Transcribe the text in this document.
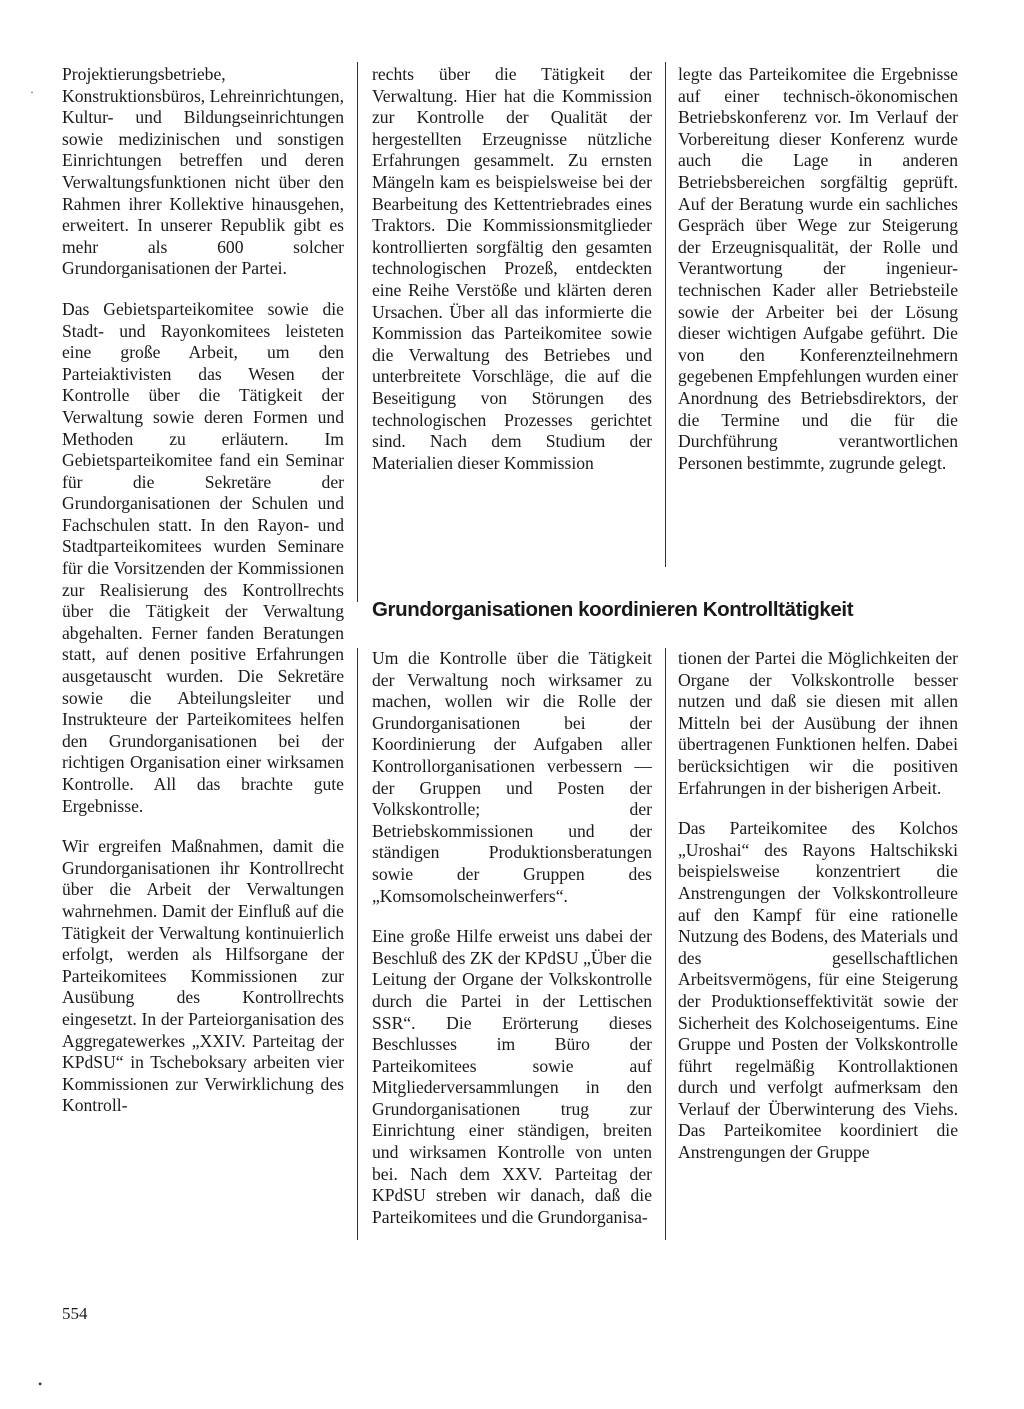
Projektierungsbetriebe, Konstruktionsbüros, Lehreinrichtungen, Kultur- und Bildungseinrichtungen sowie medizinischen und sonstigen Einrichtungen betreffen und deren Verwaltungsfunktionen nicht über den Rahmen ihrer Kollektive hinausgehen, erweitert. In unserer Republik gibt es mehr als 600 solcher Grundorganisationen der Partei.

Das Gebietsparteikomitee sowie die Stadt- und Rayonkomitees leisteten eine große Arbeit, um den Parteiaktivisten das Wesen der Kontrolle über die Tätigkeit der Verwaltung sowie deren Formen und Methoden zu erläutern. Im Gebietsparteikomitee fand ein Seminar für die Sekretäre der Grundorganisationen der Schulen und Fachschulen statt. In den Rayon- und Stadtparteikomitees wurden Seminare für die Vorsitzenden der Kommissionen zur Realisierung des Kontrollrechts über die Tätigkeit der Verwaltung abgehalten. Ferner fanden Beratungen statt, auf denen positive Erfahrungen ausgetauscht wurden. Die Sekretäre sowie die Abteilungsleiter und Instrukteure der Parteikomitees helfen den Grundorganisationen bei der richtigen Organisation einer wirksamen Kontrolle. All das brachte gute Ergebnisse.

Wir ergreifen Maßnahmen, damit die Grundorganisationen ihr Kontrollrecht über die Arbeit der Verwaltungen wahrnehmen. Damit der Einfluß auf die Tätigkeit der Verwaltung kontinuierlich erfolgt, werden als Hilfsorgane der Parteikomitees Kommissionen zur Ausübung des Kontrollrechts eingesetzt. In der Parteiorganisation des Aggregatewerkes „XXIV. Parteitag der KPdSU“ in Tscheboksary arbeiten vier Kommissionen zur Verwirklichung des Kontroll-

rechts über die Tätigkeit der Verwaltung. Hier hat die Kommission zur Kontrolle der Qualität der hergestellten Erzeugnisse nützliche Erfahrungen gesammelt. Zu ernsten Mängeln kam es beispielsweise bei der Bearbeitung des Kettentriebrades eines Traktors. Die Kommissionsmitglieder kontrollierten sorgfältig den gesamten technologischen Prozeß, entdeckten eine Reihe Verstöße und klärten deren Ursachen. Über all das informierte die Kommission das Parteikomitee sowie die Verwaltung des Betriebes und unterbreitete Vorschläge, die auf die Beseitigung von Störungen des technologischen Prozesses gerichtet sind. Nach dem Studium der Materialien dieser Kommission

legte das Parteikomitee die Ergebnisse auf einer technisch-ökonomischen Betriebskonferenz vor. Im Verlauf der Vorbereitung dieser Konferenz wurde auch die Lage in anderen Betriebsbereichen sorgfältig geprüft. Auf der Beratung wurde ein sachliches Gespräch über Wege zur Steigerung der Erzeugnisqualität, der Rolle und Verantwortung der ingenieur-technischen Kader aller Betriebsteile sowie der Arbeiter bei der Lösung dieser wichtigen Aufgabe geführt. Die von den Konferenzteilnehmern gegebenen Empfehlungen wurden einer Anordnung des Betriebsdirektors, der die Termine und die für die Durchführung verantwortlichen Personen bestimmte, zugrunde gelegt.

Grundorganisationen koordinieren Kontrolltätigkeit

Um die Kontrolle über die Tätigkeit der Verwaltung noch wirksamer zu machen, wollen wir die Rolle der Grundorganisationen bei der Koordinierung der Aufgaben aller Kontrollorganisationen verbessern — der Gruppen und Posten der Volkskontrolle; der Betriebskommissionen und der ständigen Produktionsberatungen sowie der Gruppen des „Komsomolscheinwerfers“.

Eine große Hilfe erweist uns dabei der Beschluß des ZK der KPdSU „Über die Leitung der Organe der Volkskontrolle durch die Partei in der Lettischen SSR“. Die Erörterung dieses Beschlusses im Büro der Parteikomitees sowie auf Mitgliederversammlungen in den Grundorganisationen trug zur Einrichtung einer ständigen, breiten und wirksamen Kontrolle von unten bei. Nach dem XXV. Parteitag der KPdSU streben wir danach, daß die Parteikomitees und die Grundorganisa-

tionen der Partei die Möglichkeiten der Organe der Volkskontrolle besser nutzen und daß sie diesen mit allen Mitteln bei der Ausübung der ihnen übertragenen Funktionen helfen. Dabei berücksichtigen wir die positiven Erfahrungen in der bisherigen Arbeit.

Das Parteikomitee des Kolchos „Uroshai“ des Rayons Haltschikski beispielsweise konzentriert die Anstrengungen der Volkskontrolleure auf den Kampf für eine rationelle Nutzung des Bodens, des Materials und des gesellschaftlichen Arbeitsvermögens, für eine Steigerung der Produktionseffektivität sowie der Sicherheit des Kolchoseigentums. Eine Gruppe und Posten der Volkskontrolle führt regelmäßig Kontrollaktionen durch und verfolgt aufmerksam den Verlauf der Überwinterung des Viehs. Das Parteikomitee koordiniert die Anstrengungen der Gruppe

554
·
•
